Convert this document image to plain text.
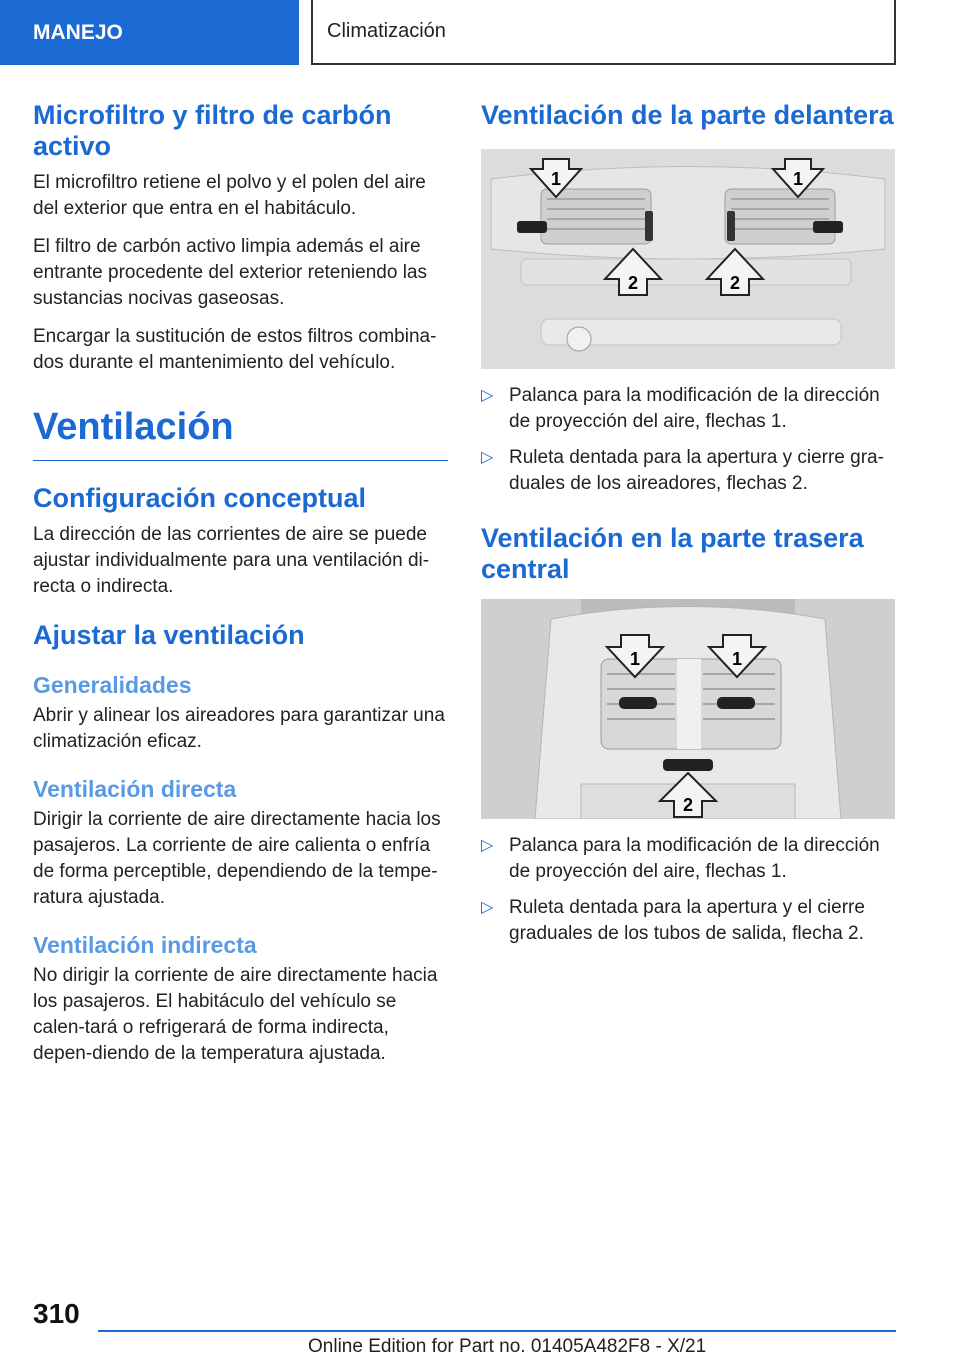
MANEJO	Climatización
Microfiltro y filtro de carbón activo

El microfiltro retiene el polvo y el polen del aire del exterior que entra en el habitáculo.

El filtro de carbón activo limpia además el aire entrante procedente del exterior reteniendo las sustancias nocivas gaseosas.

Encargar la sustitución de estos filtros combina-dos durante el mantenimiento del vehículo.

Ventilación
Configuración conceptual

La dirección de las corrientes de aire se puede ajustar individualmente para una ventilación di-recta o indirecta.

Ajustar la ventilación
Generalidades

Abrir y alinear los aireadores para garantizar una climatización eficaz.

Ventilación directa

Dirigir la corriente de aire directamente hacia los pasajeros. La corriente de aire calienta o enfría de forma perceptible, dependiendo de la tempe-ratura ajustada.

Ventilación indirecta

No dirigir la corriente de aire directamente hacia los pasajeros. El habitáculo del vehículo se calen-tará o refrigerará de forma indirecta, depen-diendo de la temperatura ajustada.

Ventilación de la parte delantera
1	1
2	2
▷ Palanca para la modificación de la dirección de proyección del aire, flechas 1.
▷ Ruleta dentada para la apertura y cierre gra-duales de los aireadores, flechas 2.
Ventilación en la parte trasera central
1	1
2
▷ Palanca para la modificación de la dirección de proyección del aire, flechas 1.
▷ Ruleta dentada para la apertura y el cierre graduales de los tubos de salida, flecha 2.
310
Online Edition for Part no. 01405A482F8 - X/21
